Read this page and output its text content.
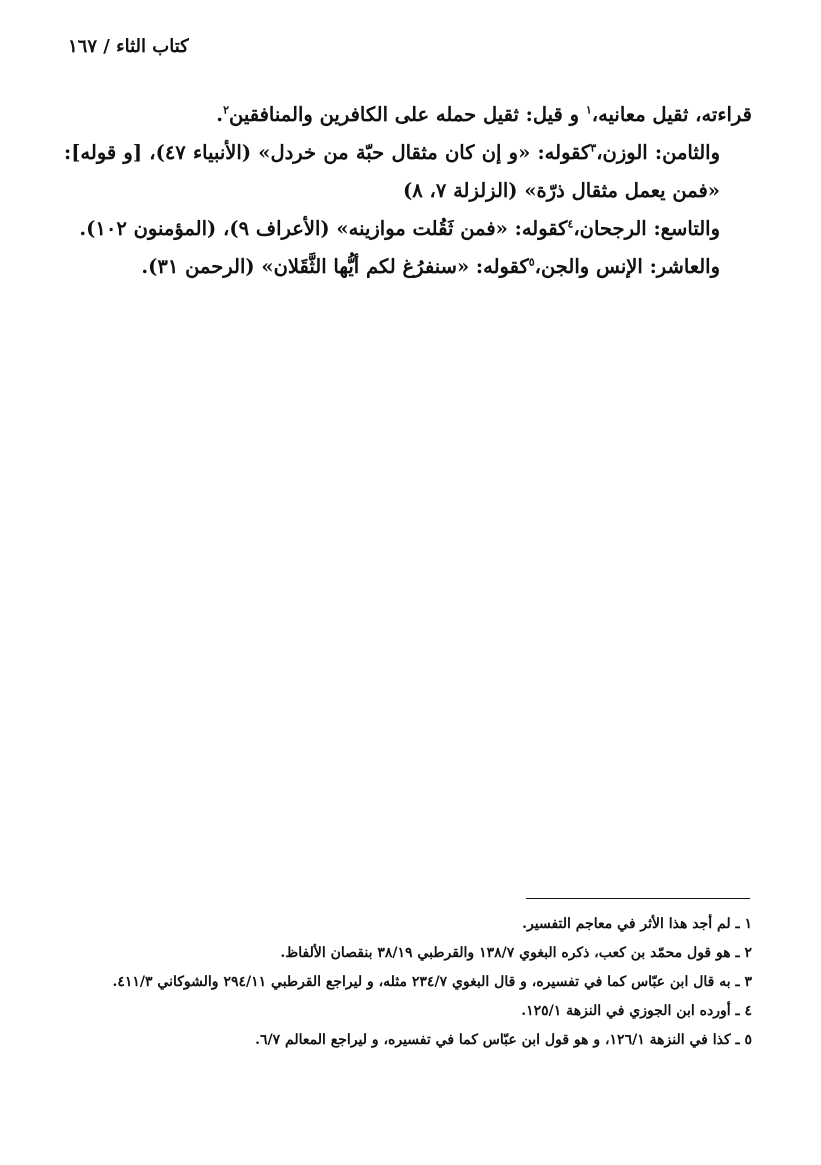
كتاب الثاء / ١٦٧

قراءته، ثقيل معانيه،$^١$ و قيل: ثقيل حمله على الكافرين والمنافقين$^٢$.

والثامن: الوزن،$^٣$كقوله: «و إن كان مثقال حبّة من خردل» (الأنبياء ٤٧)، [و قوله]: «فمن يعمل مثقال ذرّة» (الزلزلة ٧، ٨)

والتاسع: الرجحان،$^٤$كقوله: «فمن ثَقُلت موازينه» (الأعراف ٩)، (المؤمنون ١٠٢).

والعاشر: الإنس والجن،$^٥$كقوله: «سنفرُغ لكم أيُّها الثَّقَلان» (الرحمن ٣١).

١ ـ لم أجد هذا الأثر في معاجم التفسير.
٢ ـ هو قول محمّد بن كعب، ذكره البغوي ١٣٨/٧ والقرطبي ٣٨/١٩ بنقصان الألفاظ.
٣ ـ به قال ابن عبّاس كما في تفسيره، و قال البغوي ٢٣٤/٧ مثله، و ليراجع القرطبي ٢٩٤/١١ والشوكاني ٤١١/٣.
٤ ـ أورده ابن الجوزي في النزهة ١٢٥/١.
٥ ـ كذا في النزهة ١٢٦/١، و هو قول ابن عبّاس كما في تفسيره، و ليراجع المعالم ٦/٧.
